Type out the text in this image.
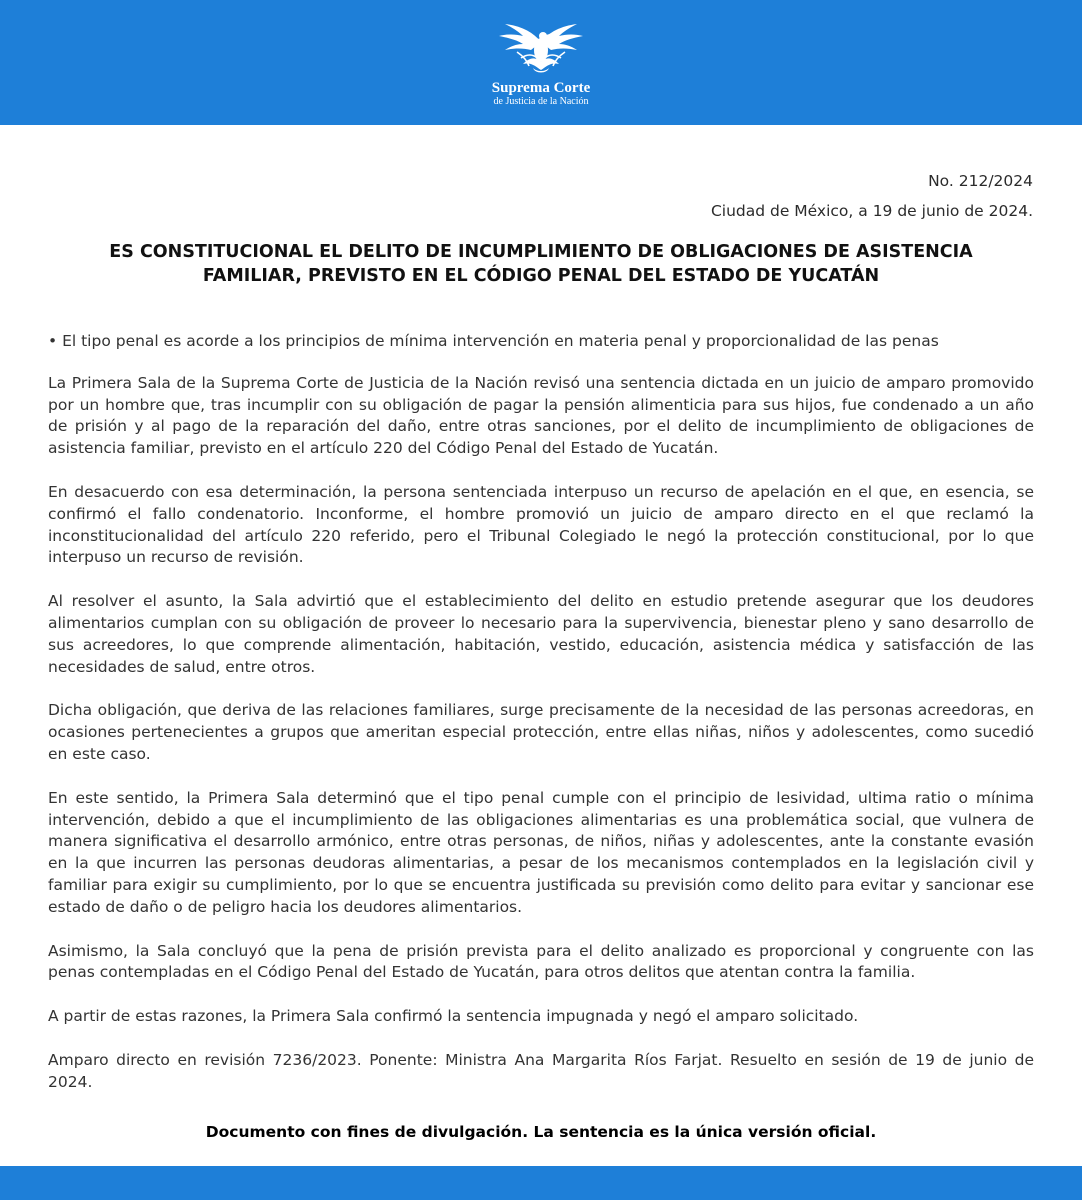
Suprema Corte
de Justicia de la Nación
No. 212/2024
Ciudad de México, a 19 de junio de 2024.
ES CONSTITUCIONAL EL DELITO DE INCUMPLIMIENTO DE OBLIGACIONES DE ASISTENCIA
FAMILIAR, PREVISTO EN EL CÓDIGO PENAL DEL ESTADO DE YUCATÁN

• El tipo penal es acorde a los principios de mínima intervención en materia penal y proporcionalidad de las penas

La Primera Sala de la Suprema Corte de Justicia de la Nación revisó una sentencia dictada en un juicio de amparo promovido por un hombre que, tras incumplir con su obligación de pagar la pensión alimenticia para sus hijos, fue condenado a un año de prisión y al pago de la reparación del daño, entre otras sanciones, por el delito de incumplimiento de obligaciones de asistencia familiar, previsto en el artículo 220 del Código Penal del Estado de Yucatán.

En desacuerdo con esa determinación, la persona sentenciada interpuso un recurso de apelación en el que, en esencia, se confirmó el fallo condenatorio. Inconforme, el hombre promovió un juicio de amparo directo en el que reclamó la inconstitucionalidad del artículo 220 referido, pero el Tribunal Colegiado le negó la protección constitucional, por lo que interpuso un recurso de revisión.

Al resolver el asunto, la Sala advirtió que el establecimiento del delito en estudio pretende asegurar que los deudores alimentarios cumplan con su obligación de proveer lo necesario para la supervivencia, bienestar pleno y sano desarrollo de sus acreedores, lo que comprende alimentación, habitación, vestido, educación, asistencia médica y satisfacción de las necesidades de salud, entre otros.

Dicha obligación, que deriva de las relaciones familiares, surge precisamente de la necesidad de las personas acreedoras, en ocasiones pertenecientes a grupos que ameritan especial protección, entre ellas niñas, niños y adolescentes, como sucedió en este caso.

En este sentido, la Primera Sala determinó que el tipo penal cumple con el principio de lesividad, ultima ratio o mínima intervención, debido a que el incumplimiento de las obligaciones alimentarias es una problemática social, que vulnera de manera significativa el desarrollo armónico, entre otras personas, de niños, niñas y adolescentes, ante la constante evasión en la que incurren las personas deudoras alimentarias, a pesar de los mecanismos contemplados en la legislación civil y familiar para exigir su cumplimiento, por lo que se encuentra justificada su previsión como delito para evitar y sancionar ese estado de daño o de peligro hacia los deudores alimentarios.

Asimismo, la Sala concluyó que la pena de prisión prevista para el delito analizado es proporcional y congruente con las penas contempladas en el Código Penal del Estado de Yucatán, para otros delitos que atentan contra la familia.

A partir de estas razones, la Primera Sala confirmó la sentencia impugnada y negó el amparo solicitado.

Amparo directo en revisión 7236/2023. Ponente: Ministra Ana Margarita Ríos Farjat. Resuelto en sesión de 19 de junio de 2024.

Documento con fines de divulgación. La sentencia es la única versión oficial.
